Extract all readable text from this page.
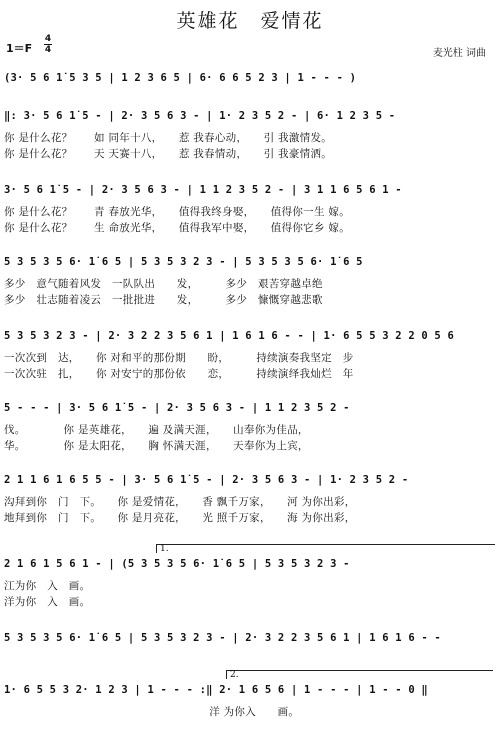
英雄花　爱情花
1＝F
4
4	麦光柱 词曲
(3· 5 6 1̇ 5 3 5 | 1 2 3 6 5 | 6· 6 6 5 2 3 | 1 - - - )
‖: 3· 5 6 1̇ 5 - | 2· 3 5 6 3 - | 1· 2 3 5 2 - | 6· 1 2 3 5 -
你 是什么花？　　如 同年十八，　　惹 我春心动，　　引 我激情发。
你 是什么花？　　天 天赛十八，　　惹 我春情动，　　引 我豪情洒。
3· 5 6 1̇ 5 - | 2· 3 5 6 3 - | 1 1 2 3 5 2 - | 3 1 1 6 5 6 1 -
你 是什么花？　　青 春放光华，　　值得我终身娶，　　值得你一生 嫁。
你 是什么花？　　生 命放光华，　　值得我军中娶，　　值得你它乡 嫁。
5 3 5 3 5 6· 1̇ 6 5 | 5 3 5 3 2 3 - | 5 3 5 3 5 6· 1̇ 6 5
多少　意气随着风发　一队队出　　发，　　　多少　艰苦穿越卓绝
多少　壮志随着凌云　一批批进　　发，　　　多少　慷慨穿越悲歌
5 3 5 3 2 3 - | 2· 3 2 2 3 5 6 1 | 1 6 1 6 - - | 1· 6 5 5 3 2 2 0 5 6
一次次到　达，　　你 对和平的那份期　　盼，　　　持续演奏我坚定　步
一次次驻　扎，　　你 对安宁的那份依　　恋，　　　持续演绎我灿烂　年
5 - - - | 3· 5 6 1̇ 5 - | 2· 3 5 6 3 - | 1 1 2 3 5 2 -
伐。　　　　你 是英雄花，　　遍 及满天涯，　　山奉你为佳品，
华。　　　　你 是太阳花，　　胸 怀满天涯，　　天奉你为上宾，
2 1 1 6 1 6 5 5 - | 3· 5 6 1̇ 5 - | 2· 3 5 6 3 - | 1· 2 3 5 2 -
沟拜到你　门　下。　　你 是爱情花，　　香 飘千万家，　　河 为你出彩，
地拜到你　门　下。　　你 是月亮花，　　光 照千万家，　　海 为你出彩，
1.
2 1 6 1 5 6 1 - | (5 3 5 3 5 6· 1̇ 6 5 | 5 3 5 3 2 3 -
江为你　入　画。
洋为你　入　画。
5 3 5 3 5 6· 1̇ 6 5 | 5 3 5 3 2 3 - | 2· 3 2 2 3 5 6 1 | 1 6 1 6 - -
2.
1· 6 5 5 3 2· 1 2 3 | 1 - - - :‖ 2· 1 6 5 6 | 1 - - - | 1 - - 0 ‖
　　　　　　　　　　　　　　　　　　　洋 为你入　　画。
